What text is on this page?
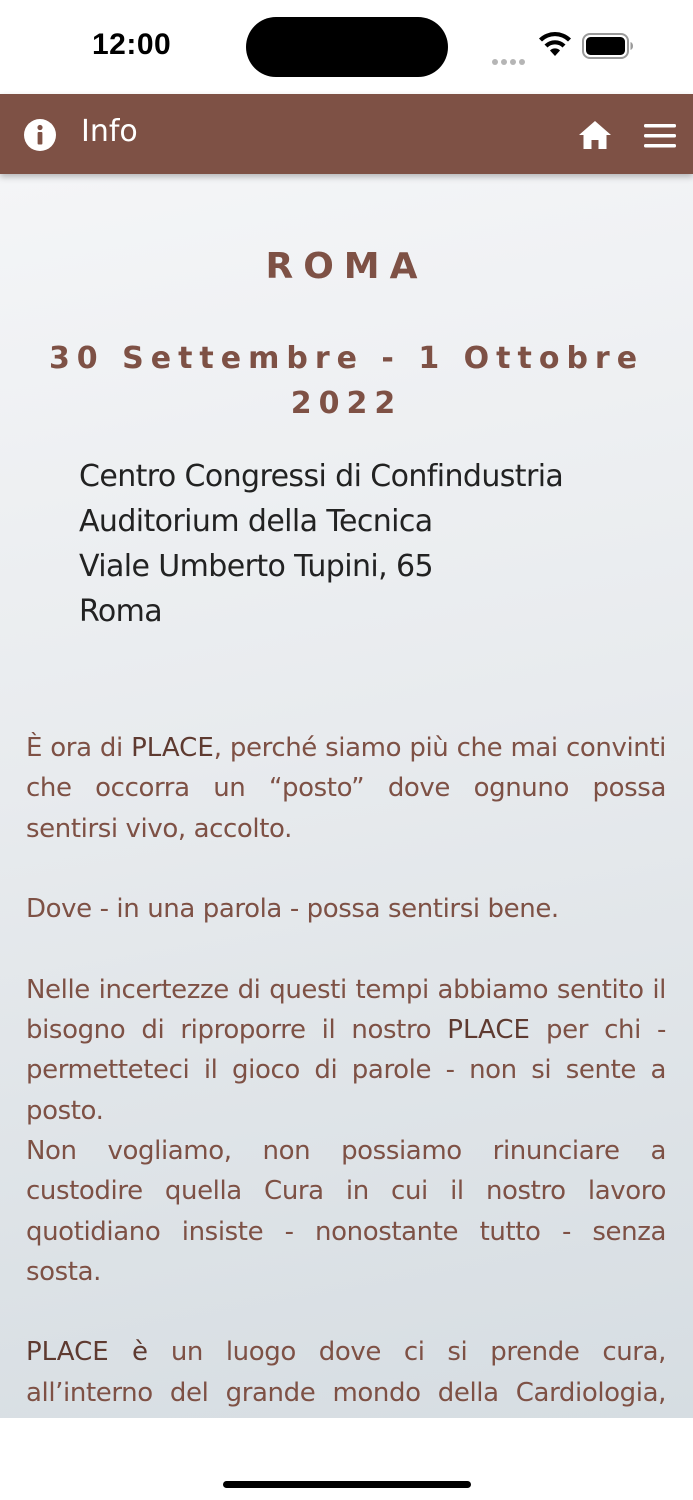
12:00
Info
ROMA
30 Settembre - 1 Ottobre 2022
Centro Congressi di Confindustria
Auditorium della Tecnica
Viale Umberto Tupini, 65
Roma

È ora di PLACE, perché siamo più che mai convinti che occorra un “posto” dove ognuno possa sentirsi vivo, accolto.

Dove - in una parola - possa sentirsi bene.

Nelle incertezze di questi tempi abbiamo sentito il bisogno di riproporre il nostro PLACE per chi - permetteteci il gioco di parole - non si sente a posto.

Non vogliamo, non possiamo rinunciare a custodire quella Cura in cui il nostro lavoro quotidiano insiste - nonostante tutto - senza sosta.

PLACE è un luogo dove ci si prende cura, all’interno del grande mondo della Cardiologia,
